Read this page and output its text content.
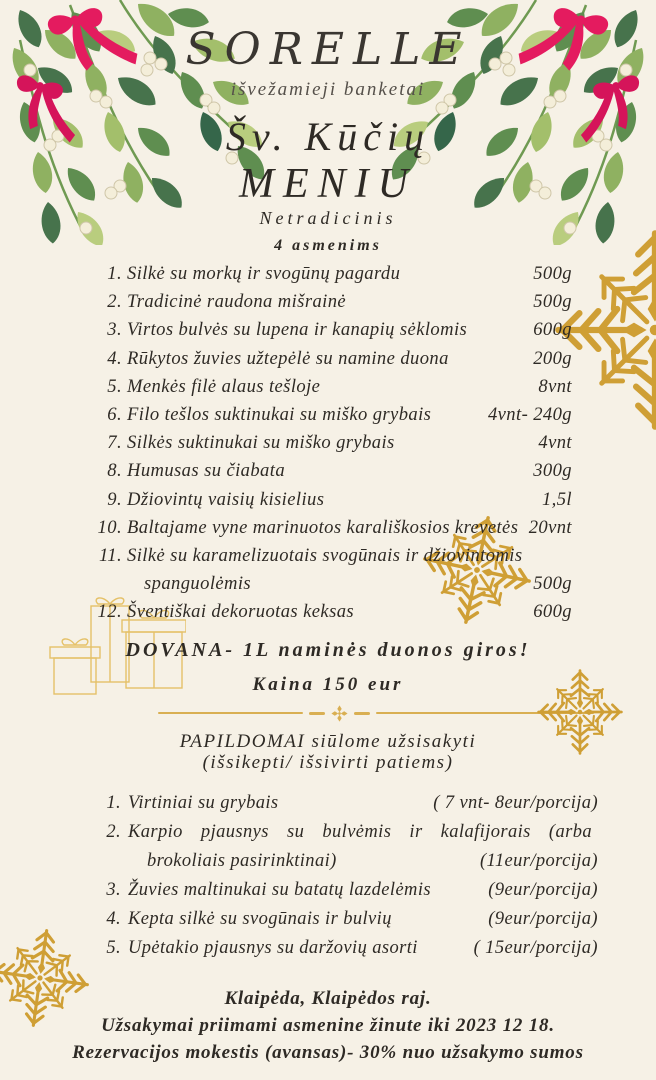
SORELLE
išvežamieji banketai
Šv. Kūčių
MENIU
Netradicinis
4 asmenims
1. Silkė su morkų ir svogūnų pagardu	500g
2. Tradicinė raudona mišrainė	500g
3. Virtos bulvės su lupena ir kanapių sėklomis	600g
4. Rūkytos žuvies užtepėlė su namine duona	200g
5. Menkės filė alaus tešloje	8vnt
6. Filo tešlos suktinukai su miško grybais	4vnt- 240g
7. Silkės suktinukai su miško grybais	4vnt
8. Humusas su čiabata	300g
9. Džiovintų vaisių kisielius	1,5l
10. Baltajame vyne marinuotos karališkosios krevetės 20vnt
11. Silkė su karamelizuotais svogūnais ir džiovintomis
spanguolėmis	500g
12. Šventiškai dekoruotas keksas	600g
DOVANA- 1L naminės duonos giros!
Kaina 150 eur
PAPILDOMAI siūlome užsisakyti
(išsikepti/ išsivirti patiems)
1. Virtiniai su grybais	( 7 vnt- 8eur/porcija)
2. Karpio pjausnys su bulvėmis ir kalafijorais (arba
brokoliais pasirinktinai)	(11eur/porcija)
3. Žuvies maltinukai su batatų lazdelėmis	(9eur/porcija)
4. Kepta silkė su svogūnais ir bulvių	(9eur/porcija)
5. Upėtakio pjausnys su daržovių asorti	( 15eur/porcija)
Klaipėda, Klaipėdos raj.
Užsakymai priimami asmenine žinute iki 2023 12 18.
Rezervacijos mokestis (avansas)- 30% nuo užsakymo sumos
